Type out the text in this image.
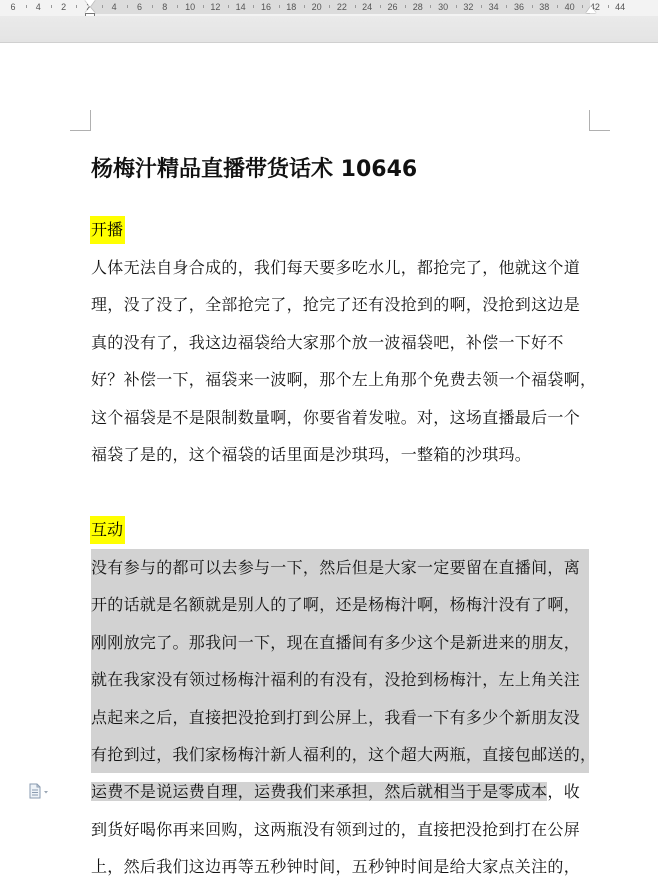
6 4 2 2 4 6 8 10 12 14 16 18 20 22 24 26 28 30 32 34 36 38 40 42 44
杨梅汁精品直播带货话术 10646
开播
人体无法自身合成的，我们每天要多吃水儿，都抢完了，他就这个道
理，没了没了，全部抢完了，抢完了还有没抢到的啊，没抢到这边是
真的没有了，我这边福袋给大家那个放一波福袋吧，补偿一下好不
好？补偿一下，福袋来一波啊，那个左上角那个免费去领一个福袋啊，
这个福袋是不是限制数量啊，你要省着发啦。对，这场直播最后一个
福袋了是的，这个福袋的话里面是沙琪玛，一整箱的沙琪玛。
互动
没有参与的都可以去参与一下，然后但是大家一定要留在直播间，离
开的话就是名额就是别人的了啊，还是杨梅汁啊，杨梅汁没有了啊，
刚刚放完了。那我问一下，现在直播间有多少这个是新进来的朋友，
就在我家没有领过杨梅汁福利的有没有，没抢到杨梅汁，左上角关注
点起来之后，直接把没抢到打到公屏上，我看一下有多少个新朋友没
有抢到过，我们家杨梅汁新人福利的，这个超大两瓶，直接包邮送的，
运费不是说运费自理，运费我们来承担，然后就相当于是零成本，收
到货好喝你再来回购，这两瓶没有领到过的，直接把没抢到打在公屏
上，然后我们这边再等五秒钟时间，五秒钟时间是给大家点关注的，
